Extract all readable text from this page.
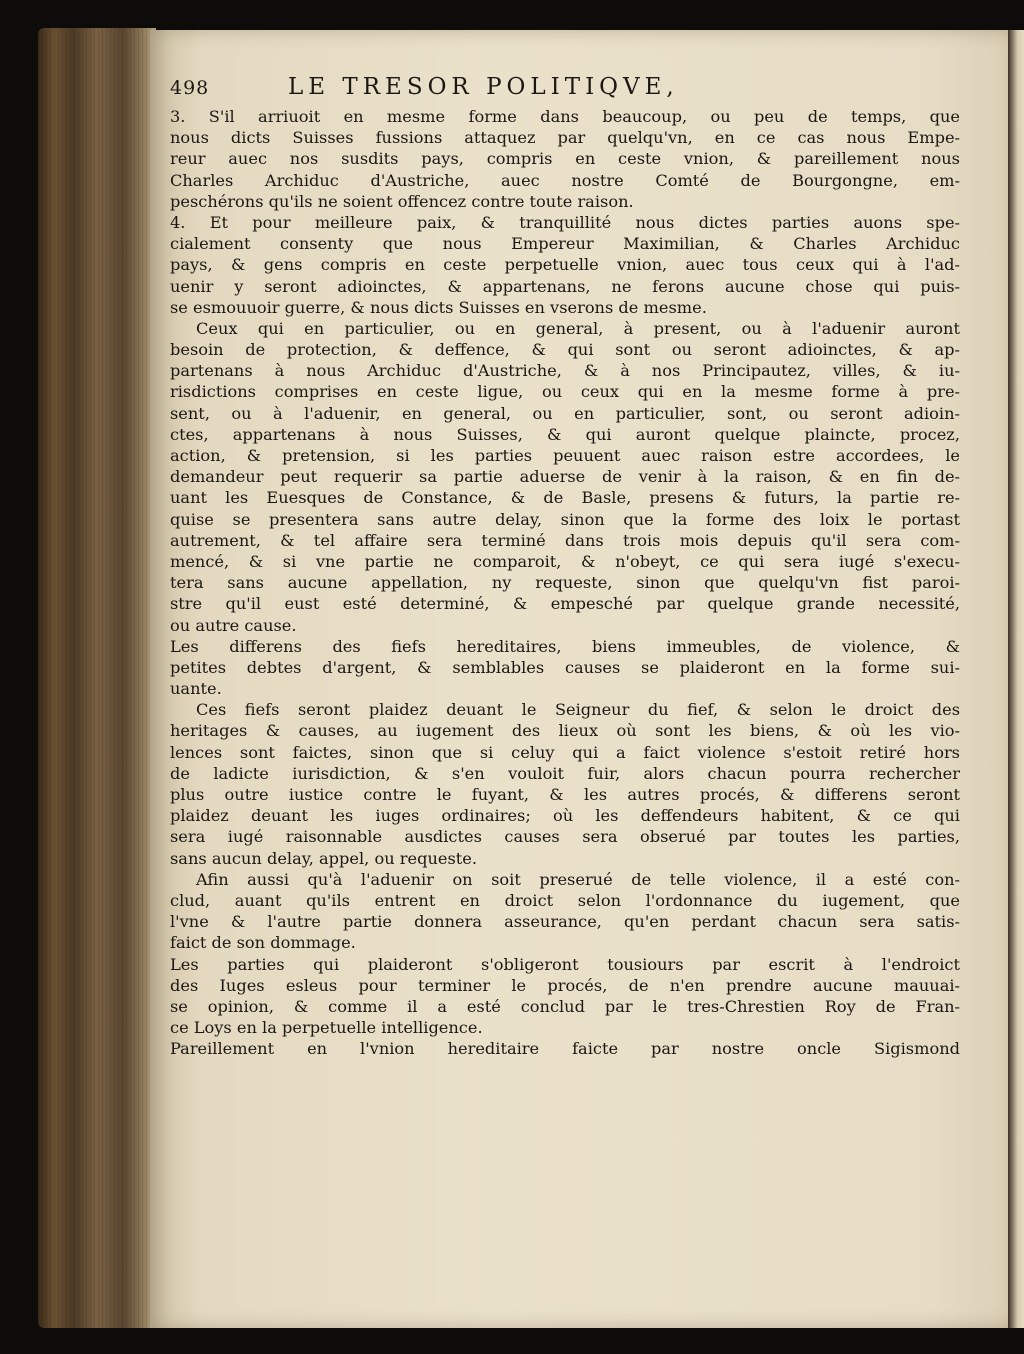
498	LE TRESOR POLITIQVE,
3. S'il arriuoit en mesme forme dans beaucoup, ou peu de temps, que
nous dicts Suisses fussions attaquez par quelqu'vn, en ce cas nous Empe-
reur auec nos susdits pays, compris en ceste vnion, & pareillement nous
Charles Archiduc d'Austriche, auec nostre Comté de Bourgongne, em-
peschérons qu'ils ne soient offencez contre toute raison.
4. Et pour meilleure paix, & tranquillité nous dictes parties auons spe-
cialement consenty que nous Empereur Maximilian, & Charles Archiduc
pays, & gens compris en ceste perpetuelle vnion, auec tous ceux qui à l'ad-
uenir y seront adioinctes, & appartenans, ne ferons aucune chose qui puis-
se esmouuoir guerre, & nous dicts Suisses en vserons de mesme.
Ceux qui en particulier, ou en general, à present, ou à l'aduenir auront
besoin de protection, & deffence, & qui sont ou seront adioinctes, & ap-
partenans à nous Archiduc d'Austriche, & à nos Principautez, villes, & iu-
risdictions comprises en ceste ligue, ou ceux qui en la mesme forme à pre-
sent, ou à l'aduenir, en general, ou en particulier, sont, ou seront adioin-
ctes, appartenans à nous Suisses, & qui auront quelque plaincte, procez,
action, & pretension, si les parties peuuent auec raison estre accordees, le
demandeur peut requerir sa partie aduerse de venir à la raison, & en fin de-
uant les Euesques de Constance, & de Basle, presens & futurs, la partie re-
quise se presentera sans autre delay, sinon que la forme des loix le portast
autrement, & tel affaire sera terminé dans trois mois depuis qu'il sera com-
mencé, & si vne partie ne comparoit, & n'obeyt, ce qui sera iugé s'execu-
tera sans aucune appellation, ny requeste, sinon que quelqu'vn fist paroi-
stre qu'il eust esté determiné, & empesché par quelque grande necessité,
ou autre cause.
Les differens des fiefs hereditaires, biens immeubles, de violence, &
petites debtes d'argent, & semblables causes se plaideront en la forme sui-
uante.
Ces fiefs seront plaidez deuant le Seigneur du fief, & selon le droict des
heritages & causes, au iugement des lieux où sont les biens, & où les vio-
lences sont faictes, sinon que si celuy qui a faict violence s'estoit retiré hors
de ladicte iurisdiction, & s'en vouloit fuir, alors chacun pourra rechercher
plus outre iustice contre le fuyant, & les autres procés, & differens seront
plaidez deuant les iuges ordinaires; où les deffendeurs habitent, & ce qui
sera iugé raisonnable ausdictes causes sera obserué par toutes les parties,
sans aucun delay, appel, ou requeste.
Afin aussi qu'à l'aduenir on soit preserué de telle violence, il a esté con-
clud, auant qu'ils entrent en droict selon l'ordonnance du iugement, que
l'vne & l'autre partie donnera asseurance, qu'en perdant chacun sera satis-
faict de son dommage.
Les parties qui plaideront s'obligeront tousiours par escrit à l'endroict
des Iuges esleus pour terminer le procés, de n'en prendre aucune mauuai-
se opinion, & comme il a esté conclud par le tres-Chrestien Roy de Fran-
ce Loys en la perpetuelle intelligence.
Pareillement en l'vnion hereditaire faicte par nostre oncle Sigismond
